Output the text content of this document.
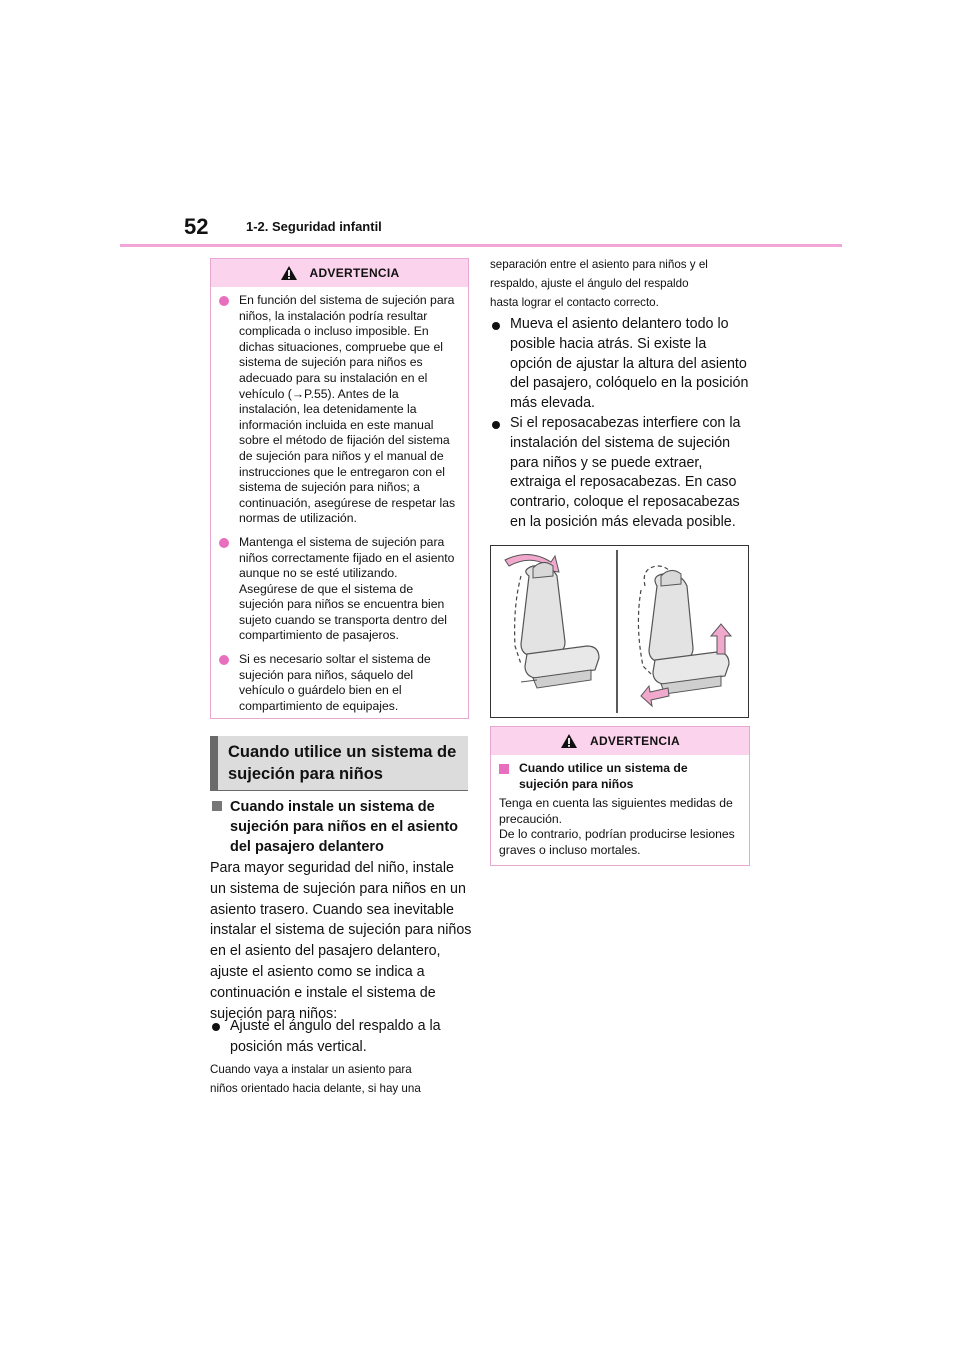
52	1-2. Seguridad infantil
ADVERTENCIA
En función del sistema de sujeción para niños, la instalación podría resultar complicada o incluso imposible. En dichas situaciones, compruebe que el sistema de sujeción para niños es adecuado para su instalación en el vehículo (→P.55). Antes de la instalación, lea detenidamente la información incluida en este manual sobre el método de fijación del sistema de sujeción para niños y el manual de instrucciones que le entregaron con el sistema de sujeción para niños; a continuación, asegúrese de respetar las normas de utilización.
Mantenga el sistema de sujeción para niños correctamente fijado en el asiento aunque no se esté utilizando. Asegúrese de que el sistema de sujeción para niños se encuentra bien sujeto cuando se transporta dentro del compartimiento de pasajeros.
Si es necesario soltar el sistema de sujeción para niños, sáquelo del vehículo o guárdelo bien en el compartimiento de equipajes.
Cuando utilice un sistema de sujeción para niños
Cuando instale un sistema de sujeción para niños en el asiento del pasajero delantero
Para mayor seguridad del niño, instale un sistema de sujeción para niños en un asiento trasero. Cuando sea inevitable instalar el sistema de sujeción para niños en el asiento del pasajero delantero, ajuste el asiento como se indica a continuación e instale el sistema de sujeción para niños:
Ajuste el ángulo del respaldo a la posición más vertical.
Cuando vaya a instalar un asiento para
niños orientado hacia delante, si hay una
separación entre el asiento para niños y el
respaldo, ajuste el ángulo del respaldo
hasta lograr el contacto correcto.
Mueva el asiento delantero todo lo posible hacia atrás. Si existe la opción de ajustar la altura del asiento del pasajero, colóquelo en la posición más elevada.
Si el reposacabezas interfiere con la instalación del sistema de sujeción para niños y se puede extraer, extraiga el reposacabezas. En caso contrario, coloque el reposacabezas en la posición más elevada posible.
ADVERTENCIA
Cuando utilice un sistema de sujeción para niños
Tenga en cuenta las siguientes medidas de precaución.
De lo contrario, podrían producirse lesiones graves o incluso mortales.
